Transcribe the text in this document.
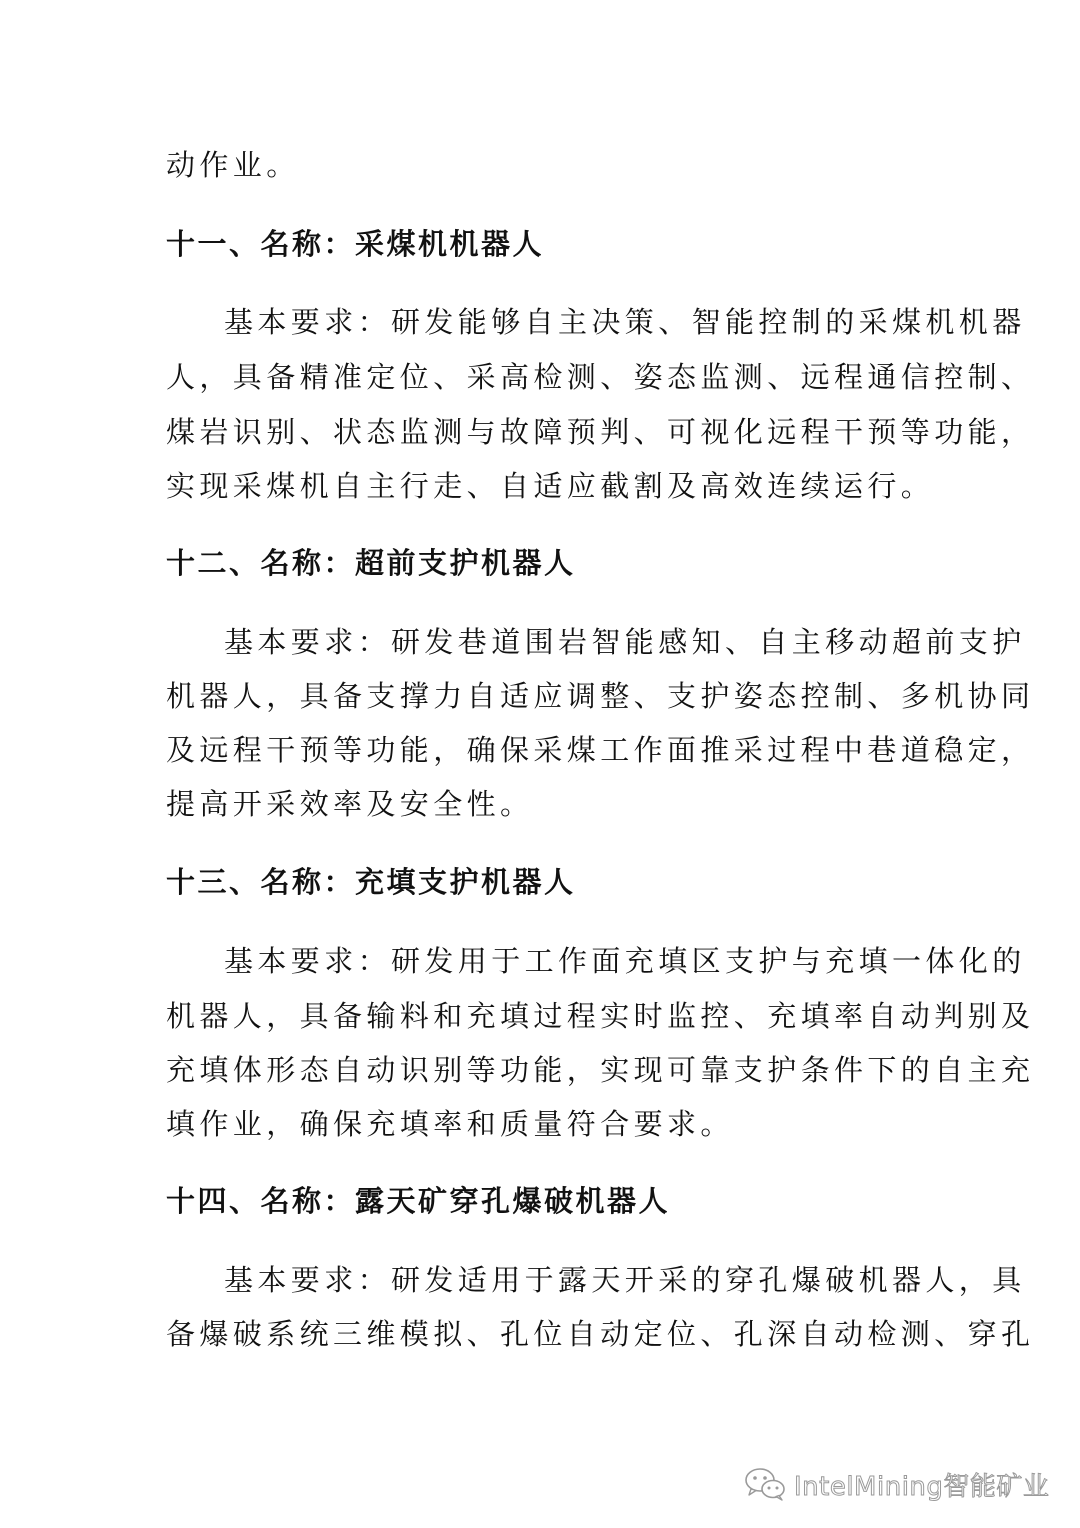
动作业。
十一、名称：采煤机机器人
基本要求：研发能够自主决策、智能控制的采煤机机器
人，具备精准定位、采高检测、姿态监测、远程通信控制、
煤岩识别、状态监测与故障预判、可视化远程干预等功能，
实现采煤机自主行走、自适应截割及高效连续运行。
十二、名称：超前支护机器人
基本要求：研发巷道围岩智能感知、自主移动超前支护
机器人，具备支撑力自适应调整、支护姿态控制、多机协同
及远程干预等功能，确保采煤工作面推采过程中巷道稳定，
提高开采效率及安全性。
十三、名称：充填支护机器人
基本要求：研发用于工作面充填区支护与充填一体化的
机器人，具备输料和充填过程实时监控、充填率自动判别及
充填体形态自动识别等功能，实现可靠支护条件下的自主充
填作业，确保充填率和质量符合要求。
十四、名称：露天矿穿孔爆破机器人
基本要求：研发适用于露天开采的穿孔爆破机器人，具
备爆破系统三维模拟、孔位自动定位、孔深自动检测、穿孔
IntelMining智能矿业
